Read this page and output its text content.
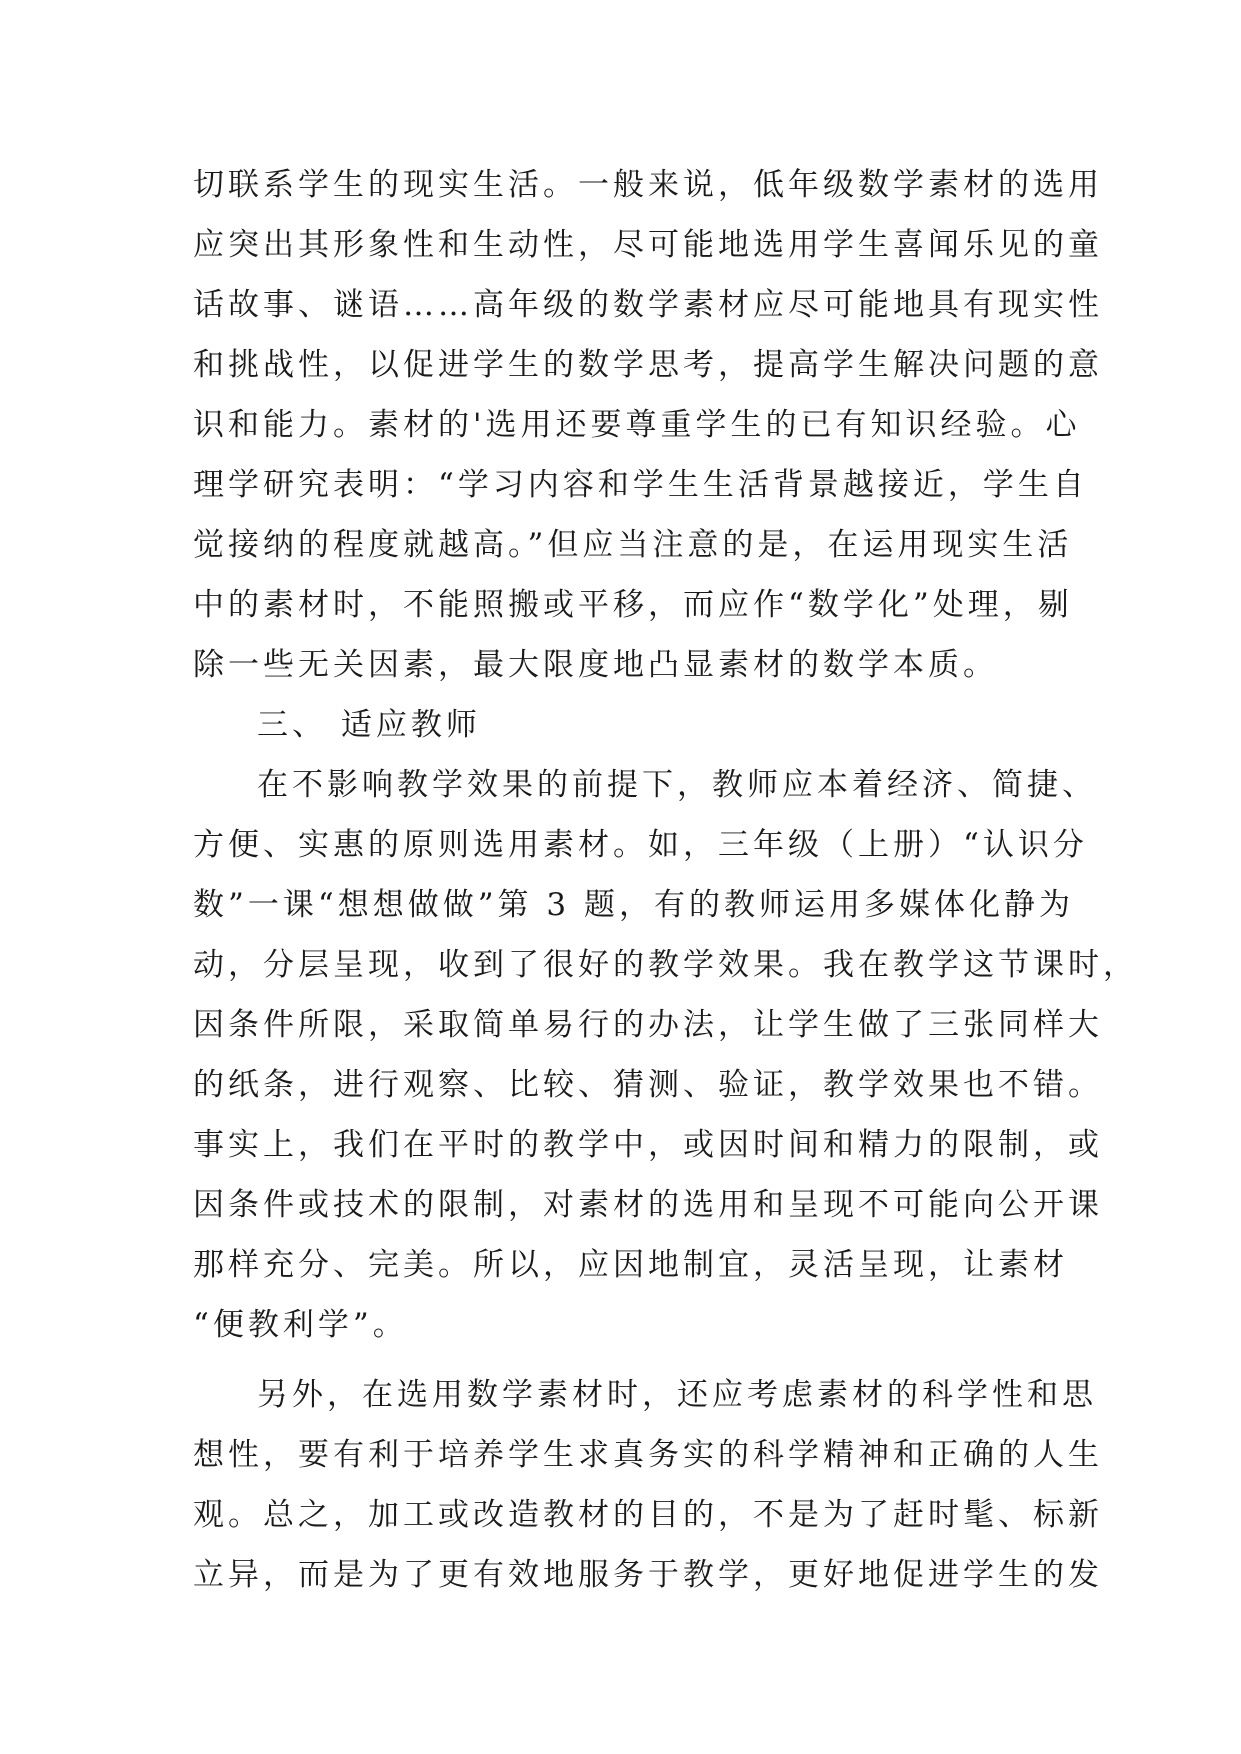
切联系学生的现实生活。一般来说，低年级数学素材的选用
应突出其形象性和生动性，尽可能地选用学生喜闻乐见的童
话故事、谜语……高年级的数学素材应尽可能地具有现实性
和挑战性，以促进学生的数学思考，提高学生解决问题的意
识和能力。素材的'选用还要尊重学生的已有知识经验。心
理学研究表明：“学习内容和学生生活背景越接近，学生自
觉接纳的程度就越高。”但应当注意的是，在运用现实生活
中的素材时，不能照搬或平移，而应作“数学化”处理，剔
除一些无关因素，最大限度地凸显素材的数学本质。
三、 适应教师
在不影响教学效果的前提下，教师应本着经济、简捷、
方便、实惠的原则选用素材。如，三年级（上册）“认识分
数”一课“想想做做”第 3 题，有的教师运用多媒体化静为
动，分层呈现，收到了很好的教学效果。我在教学这节课时，
因条件所限，采取简单易行的办法，让学生做了三张同样大
的纸条，进行观察、比较、猜测、验证，教学效果也不错。
事实上，我们在平时的教学中，或因时间和精力的限制，或
因条件或技术的限制，对素材的选用和呈现不可能向公开课
那样充分、完美。所以，应因地制宜，灵活呈现，让素材
“便教利学”。
另外，在选用数学素材时，还应考虑素材的科学性和思
想性，要有利于培养学生求真务实的科学精神和正确的人生
观。总之，加工或改造教材的目的，不是为了赶时髦、标新
立异，而是为了更有效地服务于教学，更好地促进学生的发
